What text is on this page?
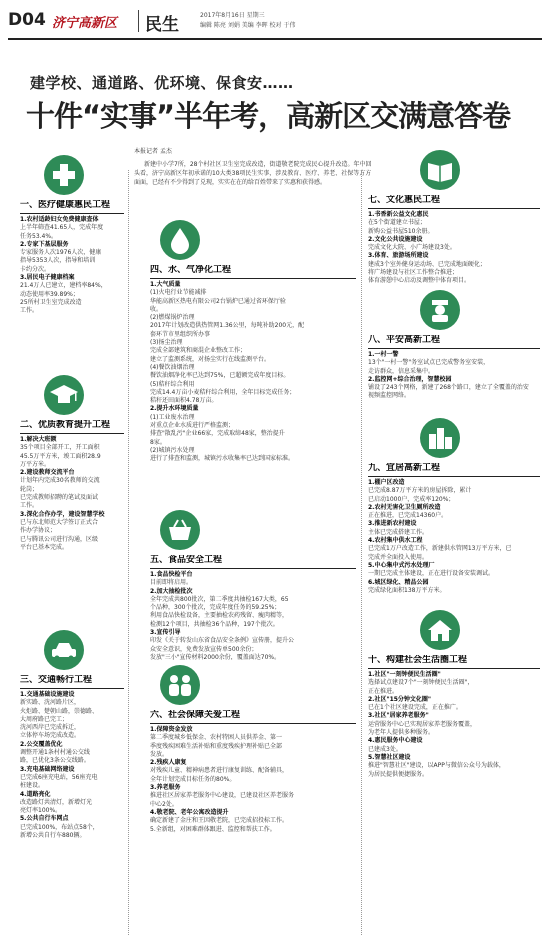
D04 济宁高新区 民生	2017年8月16日 星期三
编辑 陈亮 刘娟 美编 李晖 校对 于伟
建学校、通道路、优环境、保食安……
十件“实事”半年考，高新区交满意答卷
本报记者 孟杰
新建中小学7所，28个村社区卫生室完成改造，街道敬老院完成民心提升改造。年中回头看，济宁高新区年初承诺的10大类38项民生实事，涉及教育、医疗、养老、社保等方方面面，已经有不少得到了兑现，实实在在的给百姓带来了实惠和获得感。
一、医疗健康惠民工程

1.农村适龄妇女免费健康查体

上半年筛查41.65人，完成年度

任务53.4%。

2.专家下基层服务

专家服务人次1976人次，健康

指导5353人次，指导和培训

卡约分次。

3.居民电子健康档案

21.4万人已建立，建档率84%，

动态使用率39.89%；

25所村卫生室完成改造

工作。

二、优质教育提升工程

1.解决大班额

35个项目全部开工，开工面积

45.5万平方米，竣工面积28.9

万平方米。

2.建设教师交流平台

计划年内完成30名教师的交流

轮岗；

已完成教师招聘的笔试及面试

工作。

3.深化合作办学，建设智慧学校

已与东北师范大学签订正式合

作办学协议；

已与腾讯公司进行沟通，区级

平台已基本完成。

三、交通畅行工程

1.交通基础设施建设

新实路、洸河路片区，

火炬路、楚朝山路，崇德路、

大周府路已完工；

洸河西岸已完成拆迁，

立体停车场完成改造。

2.公交覆盖优化

调整开通1条村村通公交线

路，已优化3条公交线路。

3.充电基础网络建设

已完成6座充电站，56座充电

桩建设。

4.道路亮化

改造路灯共清灯，新增灯光

亮灯率100%。

5.公共自行车网点

已完成100%，布站点58个，

新增公共自行车880辆。

四、水、气净化工程

1.大气质量

(1)火电行业节能减排

华能高新区热电有限公司2台锅炉已通过省环保厅验

收。

(2)燃煤锅炉治理

2017年计划改造供热管网1.36公里，每吨补助200元，配

套环节市里组织所办事

(3)扬尘治理

完成全部建筑和商混企业整改工作；

建立了监测系统，对扬尘实行在线监测平台。

(4)餐饮油烟治理

餐饮油烟净化率已达到75%，已超额完成年度目标。

(5)秸秆综合利用

完成14.4万亩小麦秸秆综合利用，全年目标完成任务；

秸秆还田面积4.78万亩。

2.提升水环境质量

(1)工业废水治理

对重点企业水质进行严格监测；

排查"散乱污"企业66家，完成取缔48家，整治提升

8家。

(2)城镇污水处理

进行了排查和监测，城镇污水收集率已达到国家标准。

五、食品安全工程

1.食品快检平台

目前即将启用。

2.加大抽检批次

全年完成共800批次，第二季度共抽检167大类，65

个品种，300个批次，完成年度任务的59.25%；

利用食品快检设备，主要抽检农药残留、瘦肉精等，

检测12个项目，共抽检36个品种，197个批次。

3.宣传引导

印发《关于转发山东省食品安全条例》宣传册，提升公

众安全意识，免费发放宣传单500余份；

发放"三小"宣传材料2000余份，覆盖面达70%。

六、社会保障关爱工程

1.保障资金发放

第二季度城乡低保金、农村特困人员供养金、第一

季度残疾困难生活补贴和重度残疾护理补贴已全部

发放。

2.残疾人康复

对残疾儿童、精神病患者进行康复训练、配备辅具，

全年计划完成目标任务的80%。

3.养老服务

推进社区居家养老服务中心建设，已建设社区养老服务

中心2处。

4.敬老院、老年公寓改造提升

确定新建了金庄和王因敬老院，已完成招投标工作。

5.全新组，对困难群体跟进、监控和帮扶工作。

七、文化惠民工程

1.书香新公益文化惠民

在5个街道建立书屋；

新购公益书屋510余册。

2.文化公共设施建设

完成文化大院、小广场建设3处。

3.体育、旅游场所建设

建成3个室外健身运动场、已完成地面硬化；

将广场建设与社区工作整合推进；

体育游憩中心启动及调整中体育项目。

八、平安高新工程

1.一村一警

13个"一村一警"务室试点已完成警务室安装，

走访群众，信息采集中。

2.监控网+综合治理，智慧校园

铺设了243个网格，新建了268个路口，建立了全覆盖的治安

视频监控网络。

九、宜居高新工程

1.棚户区改造

已完成8.87万平方米的房屋拆除，累计

已启动1000户，完成率120%；

2.农村无害化卫生厕所改造

正在推进，已完成14360户。

3.推进新农村建设

主体已完成搭建工作。

4.农村集中供水工程

已完成1万户改造工作，新建供水管网13万平方米，已

完成并全面投入使用。

5.中心集中式污水处理厂

一期已完成主体建设，正在进行设备安装调试。

6.城区绿化、精品公园

完成绿化面积138万平方米。

十、构建社会生活圈工程

1.社区"一刻钟便民生活圈"

选择试点建设7个"一刻钟便民生活圈"，

正在推进。

2.社区"15分钟文化圈"

已在1个社区建设完成，正在推广。

3.社区"居家养老服务"

运营服务中心已实现居家养老服务覆盖，

为老年人提供多种服务。

4.惠民服务中心建设

已建成3处。

5.智慧社区建设

推进"智慧社区"建设，以APP与微信公众号为载体，

为居民提供便捷服务。
